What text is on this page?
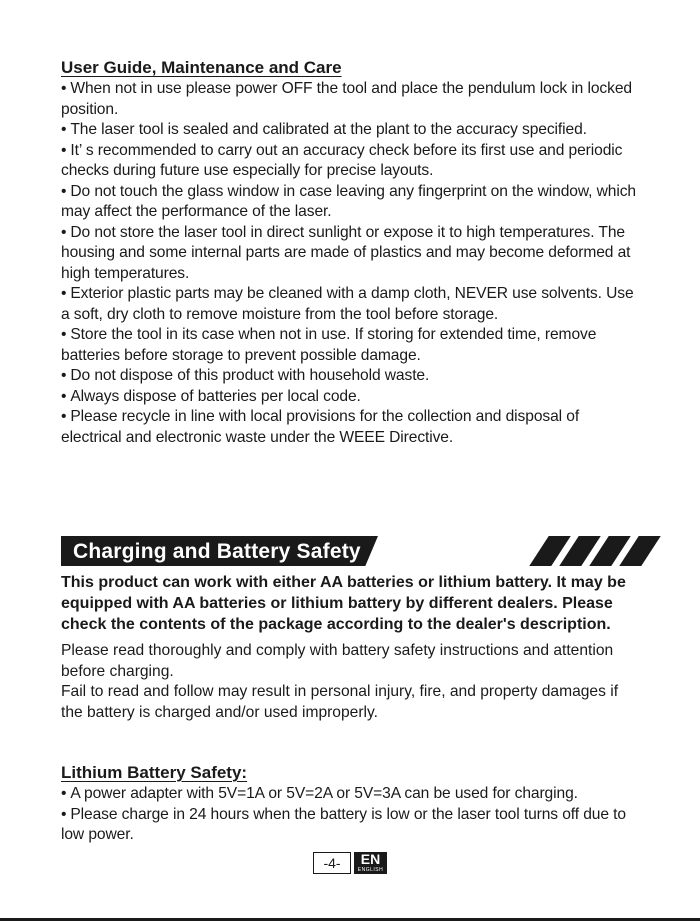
User Guide, Maintenance and Care
• When not in use please power OFF the tool and place the pendulum lock in locked position.
• The laser tool is sealed and calibrated at the plant to the accuracy specified.
• It’ s recommended to carry out an accuracy check before its first use and periodic checks during future use especially for precise layouts.
• Do not touch the glass window in case leaving any fingerprint on the window, which may affect the performance of the laser.
• Do not store the laser tool in direct sunlight or expose it to high temperatures. The housing and some internal parts are made of plastics and may become deformed at high temperatures.
• Exterior plastic parts may be cleaned with a damp cloth, NEVER use solvents. Use a soft, dry cloth to remove moisture from the tool before storage.
• Store the tool in its case when not in use. If storing for extended time, remove batteries before storage to prevent possible damage.
• Do not dispose of this product with household waste.
• Always dispose of batteries per local code.
• Please recycle in line with local provisions for the collection and disposal of electrical and electronic waste under the WEEE Directive.
Charging and Battery Safety

This product can work with either AA batteries or lithium battery. It may be equipped with AA batteries or lithium battery by different dealers. Please check the contents of the package according to the dealer's description.

Please read thoroughly and comply with battery safety instructions and attention before charging.

Fail to read and follow may result in personal injury, fire, and property damages if the battery is charged and/or used improperly.

Lithium Battery Safety:
• A power adapter with 5V=1A or 5V=2A or 5V=3A can be used for charging.
• Please charge in 24 hours when the battery is low or the laser tool turns off due to low power.
-4-	EN
ENGLISH
